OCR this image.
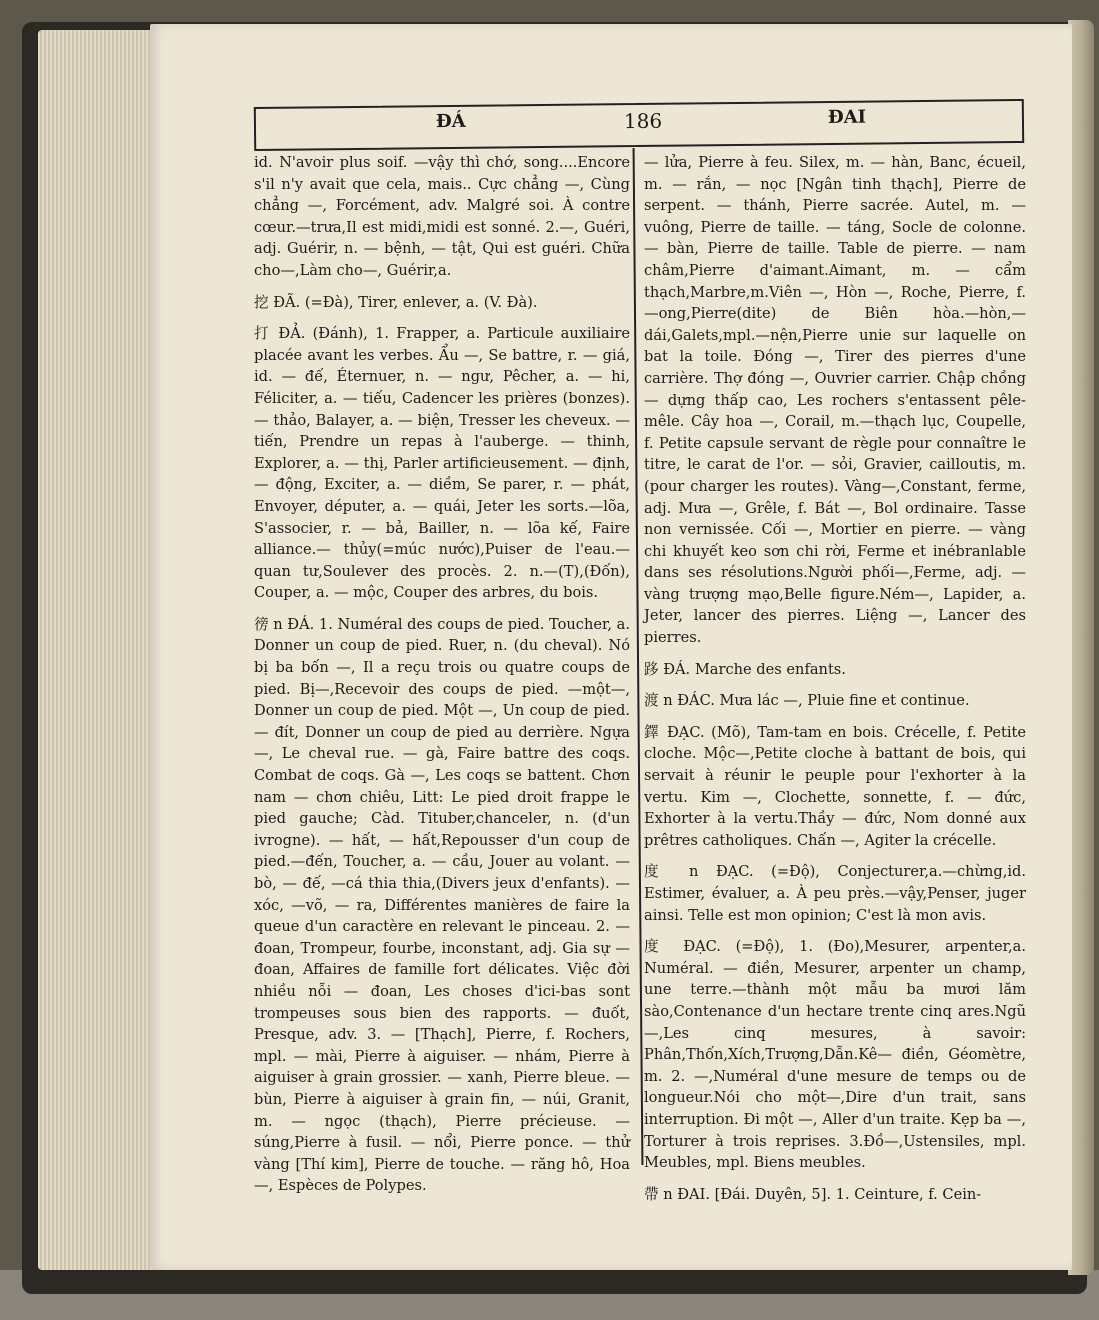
ĐÁ	186	ĐAI

id. N'avoir plus soif. —vậy thì chớ, song....Encore s'il n'y avait que cela, mais.. Cực chẳng —, Cùng chẳng —, Forcément, adv. Malgré soi. À contre cœur.—trưa,Il est midi,midi est sonné. 2.—, Guéri, adj. Guérir, n. — bệnh, — tật, Qui est guéri. Chữa cho—,Làm cho—, Guérir,a.

挖 ĐÃ. (=Đà), Tirer, enlever, a. (V. Đà).

打 ĐẢ. (Đánh), 1. Frapper, a. Particule auxiliaire placée avant les verbes. Ẩu —, Se battre, r. — giá, id. — đế, Éternuer, n. — ngư, Pêcher, a. — hi, Féliciter, a. — tiếu, Cadencer les prières (bonzes). — thảo, Balayer, a. — biện, Tresser les cheveux. — tiến, Prendre un repas à l'auberge. — thinh, Explorer, a. — thị, Parler artificieusement. — định, — động, Exciter, a. — diềm, Se parer, r. — phát, Envoyer, députer, a. — quái, Jeter les sorts.—lõa, S'associer, r. — bả, Bailler, n. — lõa kế, Faire alliance.— thủy(=múc nước),Puiser de l'eau.— quan tư,Soulever des procès. 2. n.—(T),(Đốn), Couper, a. — mộc, Couper des arbres, du bois.

徬 n ĐÁ. 1. Numéral des coups de pied. Toucher, a. Donner un coup de pied. Ruer, n. (du cheval). Nó bị ba bốn —, Il a reçu trois ou quatre coups de pied. Bị—,Recevoir des coups de pied. —một—, Donner un coup de pied. Một —, Un coup de pied. — đít, Donner un coup de pied au derrière. Ngựa —, Le cheval rue. — gà, Faire battre des coqs. Combat de coqs. Gà —, Les coqs se battent. Chơn nam — chơn chiêu, Litt: Le pied droit frappe le pied gauche; Càd. Tituber,chanceler, n. (d'un ivrogne). — hất, — hất,Repousser d'un coup de pied.—đến, Toucher, a. — cầu, Jouer au volant. — bò, — đế, —cá thia thia,(Divers jeux d'enfants). —xóc, —võ, — ra, Différentes manières de faire la queue d'un caractère en relevant le pinceau. 2. — đoan, Trompeur, fourbe, inconstant, adj. Gia sự — đoan, Affaires de famille fort délicates. Việc đời nhiều nỗi — đoan, Les choses d'ici-bas sont trompeuses sous bien des rapports. — đuốt, Presque, adv. 3. — [Thạch], Pierre, f. Rochers, mpl. — mài, Pierre à aiguiser. — nhám, Pierre à aiguiser à grain grossier. — xanh, Pierre bleue. — bùn, Pierre à aiguiser à grain fin, — núi, Granit, m. — ngọc (thạch), Pierre précieuse. — súng,Pierre à fusil. — nổi, Pierre ponce. — thử vàng [Thí kim], Pierre de touche. — răng hô, Hoa —, Espèces de Polypes.

— lửa, Pierre à feu. Silex, m. — hàn, Banc, écueil, m. — rắn, — nọc [Ngân tinh thạch], Pierre de serpent. — thánh, Pierre sacrée. Autel, m. — vuông, Pierre de taille. — táng, Socle de colonne. — bàn, Pierre de taille. Table de pierre. — nam châm,Pierre d'aimant.Aimant, m. — cẩm thạch,Marbre,m.Viên —, Hòn —, Roche, Pierre, f. —ong,Pierre(dite) de Biên hòa.—hòn,—dái,Galets,mpl.—nện,Pierre unie sur laquelle on bat la toile. Đóng —, Tirer des pierres d'une carrière. Thợ đóng —, Ouvrier carrier. Chập chồng — dựng thấp cao, Les rochers s'entassent pêle-mêle. Cây hoa —, Corail, m.—thạch lục, Coupelle, f. Petite capsule servant de règle pour connaître le titre, le carat de l'or. — sỏi, Gravier, cailloutis, m.(pour charger les routes). Vàng—,Constant, ferme, adj. Mưa —, Grêle, f. Bát —, Bol ordinaire. Tasse non vernissée. Cối —, Mortier en pierre. — vàng chi khuyết keo sơn chi rời, Ferme et inébranlable dans ses résolutions.Người phối—,Ferme, adj. — vàng trượng mạo,Belle figure.Ném—, Lapider, a. Jeter, lancer des pierres. Liệng —, Lancer des pierres.

跢 ĐÁ. Marche des enfants.

渡 n ĐÁC. Mưa lác —, Pluie fine et continue.

鐸 ĐẠC. (Mõ), Tam-tam en bois. Crécelle, f. Petite cloche. Mộc—,Petite cloche à battant de bois, qui servait à réunir le peuple pour l'exhorter à la vertu. Kim —, Clochette, sonnette, f. — đức, Exhorter à la vertu.Thầy — đức, Nom donné aux prêtres catholiques. Chấn —, Agiter la crécelle.

度 n ĐẠC. (=Độ), Conjecturer,a.—chừng,id. Estimer, évaluer, a. À peu près.—vậy,Penser, juger ainsi. Telle est mon opinion; C'est là mon avis.

度 ĐẠC. (=Độ), 1. (Đo),Mesurer, arpenter,a. Numéral. — điền, Mesurer, arpenter un champ, une terre.—thành một mẫu ba mươi lăm sào,Contenance d'un hectare trente cinq ares.Ngũ—,Les cinq mesures, à savoir: Phân,Thốn,Xích,Trượng,Dẫn.Kê— điền, Géomètre, m. 2. —,Numéral d'une mesure de temps ou de longueur.Nói cho một—,Dire d'un trait, sans interruption. Đi một —, Aller d'un traite. Kẹp ba —, Torturer à trois reprises. 3.Đồ—,Ustensiles, mpl. Meubles, mpl. Biens meubles.

帶 n ĐAI. [Đái. Duyên, 5]. 1. Ceinture, f. Cein-
